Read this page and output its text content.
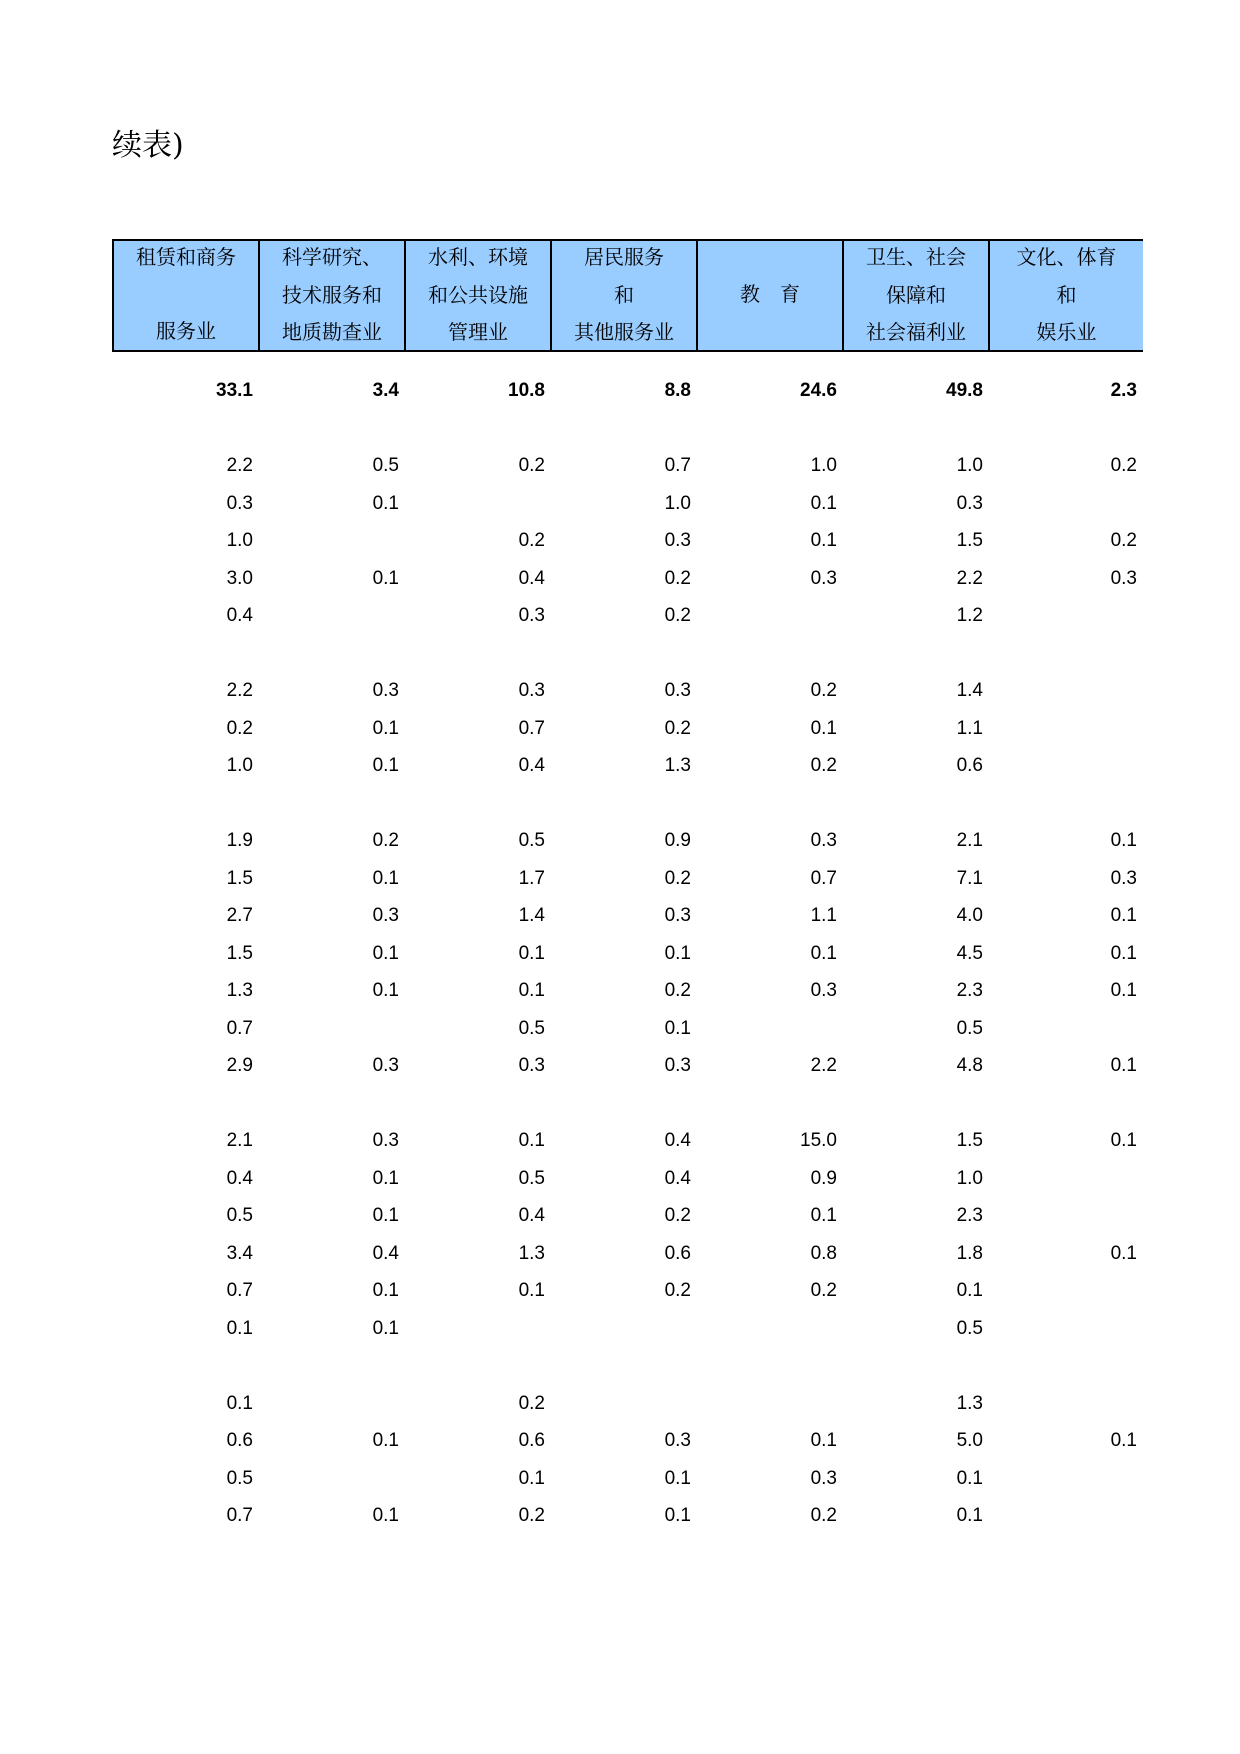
续表)
租赁和商务
服务业	科学研究、
技术服务和
地质勘查业	水利、环境
和公共设施
管理业	居民服务
和
其他服务业	教　育	卫生、社会
保障和
社会福利业	文化、体育
和
娱乐业

33.1	3.4	10.8	8.8	24.6	49.8	2.3

2.2	0.5	0.2	0.7	1.0	1.0	0.2
0.3	0.1		1.0	0.1	0.3	
1.0		0.2	0.3	0.1	1.5	0.2
3.0	0.1	0.4	0.2	0.3	2.2	0.3
0.4		0.3	0.2		1.2	

2.2	0.3	0.3	0.3	0.2	1.4	
0.2	0.1	0.7	0.2	0.1	1.1	
1.0	0.1	0.4	1.3	0.2	0.6	

1.9	0.2	0.5	0.9	0.3	2.1	0.1
1.5	0.1	1.7	0.2	0.7	7.1	0.3
2.7	0.3	1.4	0.3	1.1	4.0	0.1
1.5	0.1	0.1	0.1	0.1	4.5	0.1
1.3	0.1	0.1	0.2	0.3	2.3	0.1
0.7		0.5	0.1		0.5	
2.9	0.3	0.3	0.3	2.2	4.8	0.1

2.1	0.3	0.1	0.4	15.0	1.5	0.1
0.4	0.1	0.5	0.4	0.9	1.0	
0.5	0.1	0.4	0.2	0.1	2.3	
3.4	0.4	1.3	0.6	0.8	1.8	0.1
0.7	0.1	0.1	0.2	0.2	0.1	
0.1	0.1				0.5	

0.1		0.2			1.3	
0.6	0.1	0.6	0.3	0.1	5.0	0.1
0.5		0.1	0.1	0.3	0.1	
0.7	0.1	0.2	0.1	0.2	0.1	
